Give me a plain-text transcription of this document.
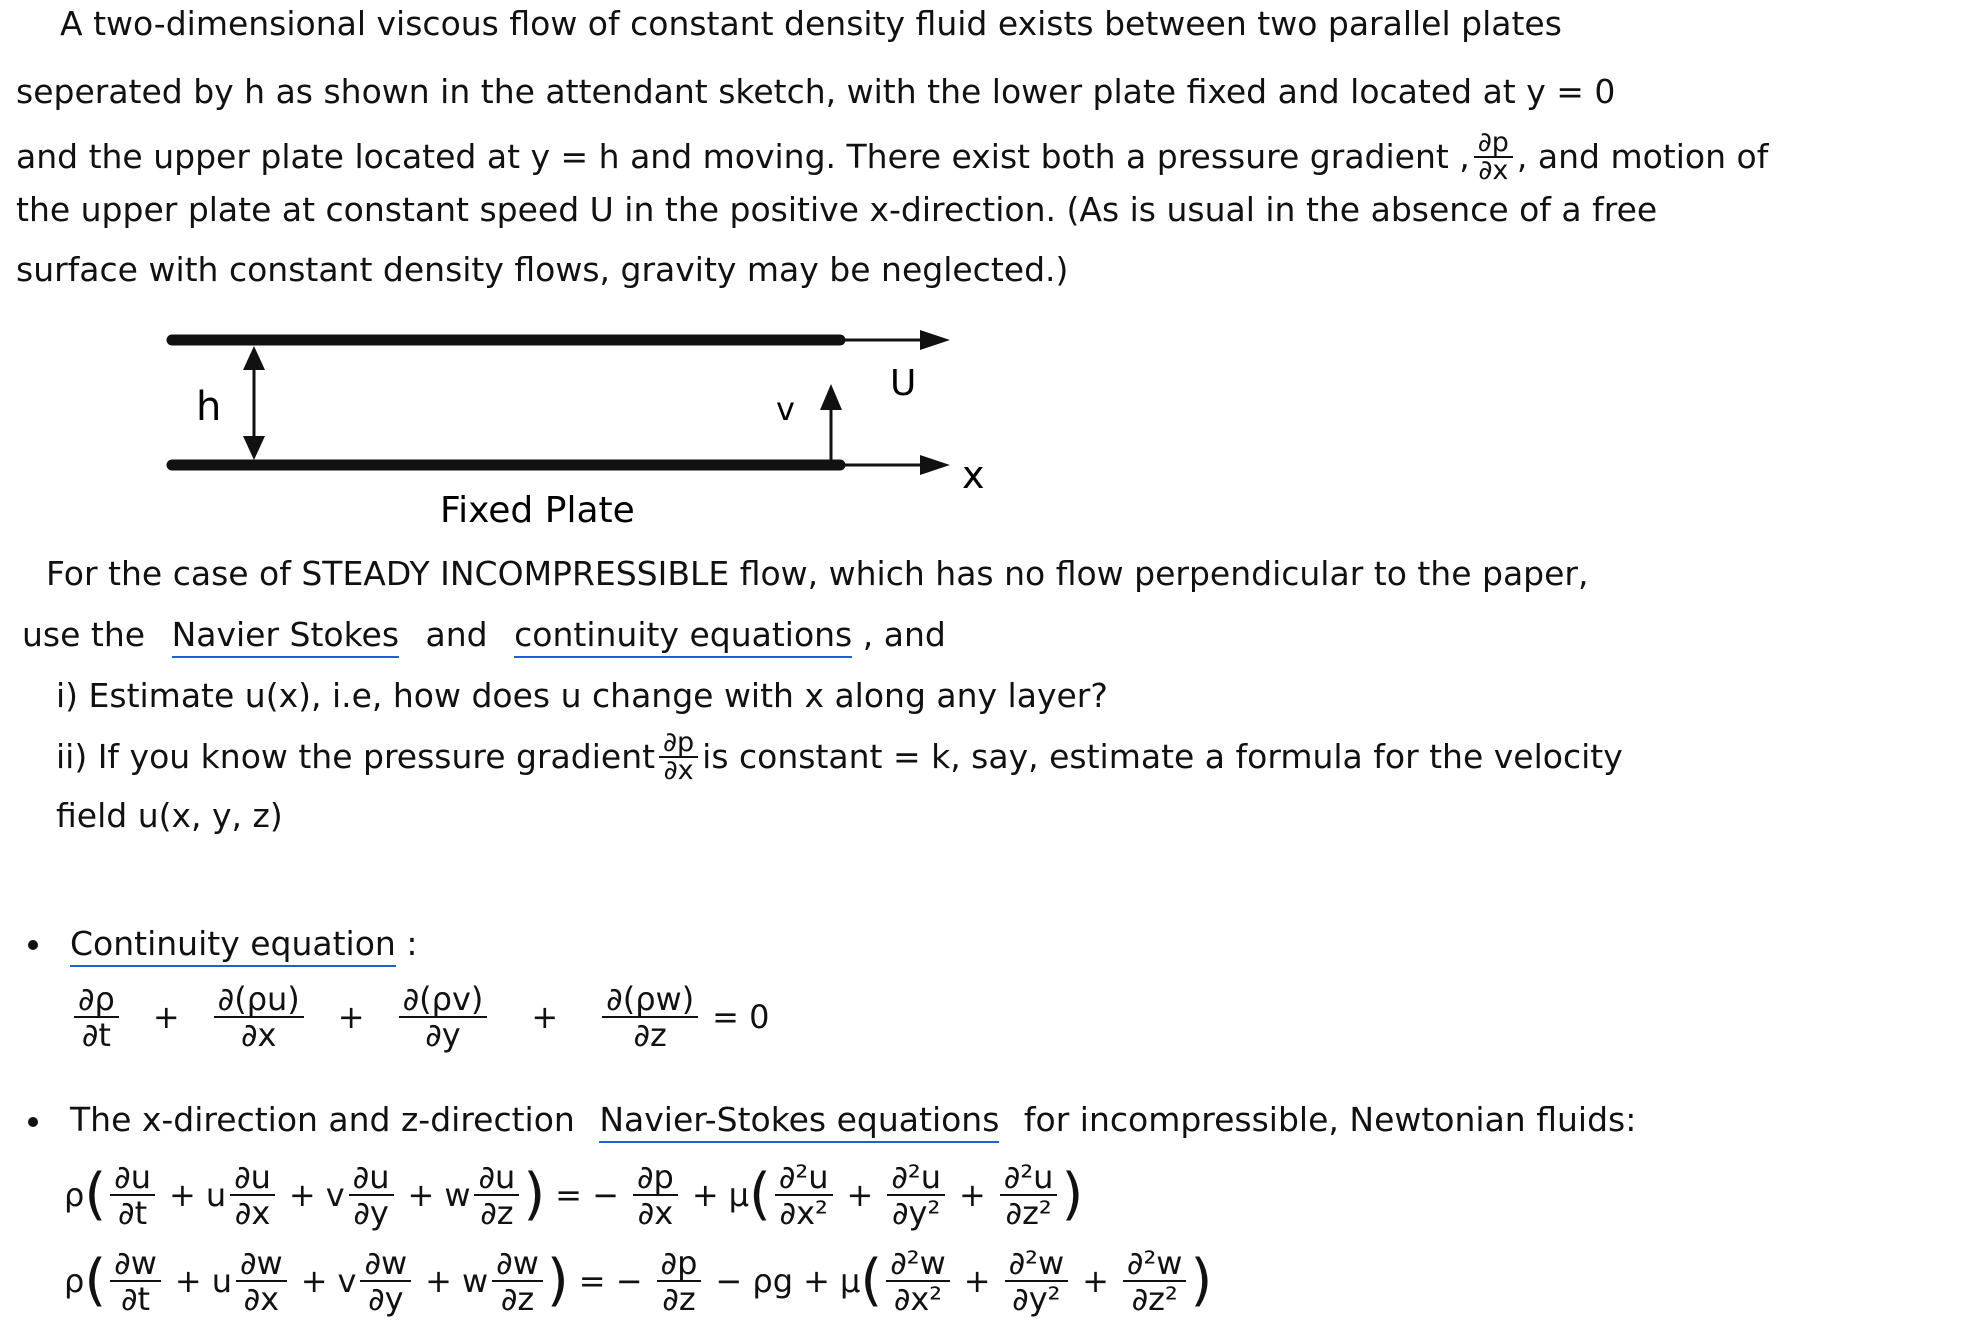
A two-dimensional viscous flow of constant density fluid exists between two parallel plates
seperated by h as shown in the attendant sketch, with the lower plate fixed and located at y = 0
and the upper plate located at y = h and moving. There exist both a pressure gradient , $\frac{\partial p}{\partial x}$ , and motion of
the upper plate at constant speed U in the positive x-direction. (As is usual in the absence of a free
surface with constant density flows, gravity may be neglected.)
h	v
U
x
Fixed Plate
For the case of STEADY INCOMPRESSIBLE flow, which has no flow perpendicular to the paper,
use the Navier Stokes and continuity equations , and
i) Estimate u(x), i.e, how does u change with x along any layer?
ii) If you know the pressure gradient $\frac{\partial p}{\partial x}$ is constant = k, say, estimate a formula for the velocity
field u(x, y, z)
Continuity equation :
$\frac{\partial\rho}{\partial t} + \frac{\partial(\rho u)}{\partial x} + \frac{\partial(\rho v)}{\partial y} + \frac{\partial(\rho w)}{\partial z} = 0$
The x-direction and z-direction Navier-Stokes equations for incompressible, Newtonian fluids:
ρ ( $\frac{\partial u}{\partial t} + u \frac{\partial u}{\partial x} + v \frac{\partial u}{\partial y} + w \frac{\partial u}{\partial z}$ ) = − $\frac{\partial p}{\partial x} + \mu$ ( $\frac{\text{∂²u}}{\text{∂x²}} + \frac{\text{∂²u}}{\text{∂y²}} + \frac{\text{∂²u}}{\text{∂z²}}$ )
ρ ( $\frac{\partial w}{\partial t} + u \frac{\partial w}{\partial x} + v \frac{\partial w}{\partial y} + w \frac{\partial w}{\partial z}$ ) = − $\frac{\partial p}{\partial z} - \rho g + \mu$ ( $\frac{\text{∂²w}}{\text{∂x²}} + \frac{\text{∂²w}}{\text{∂y²}} + \frac{\text{∂²w}}{\text{∂z²}}$ )
